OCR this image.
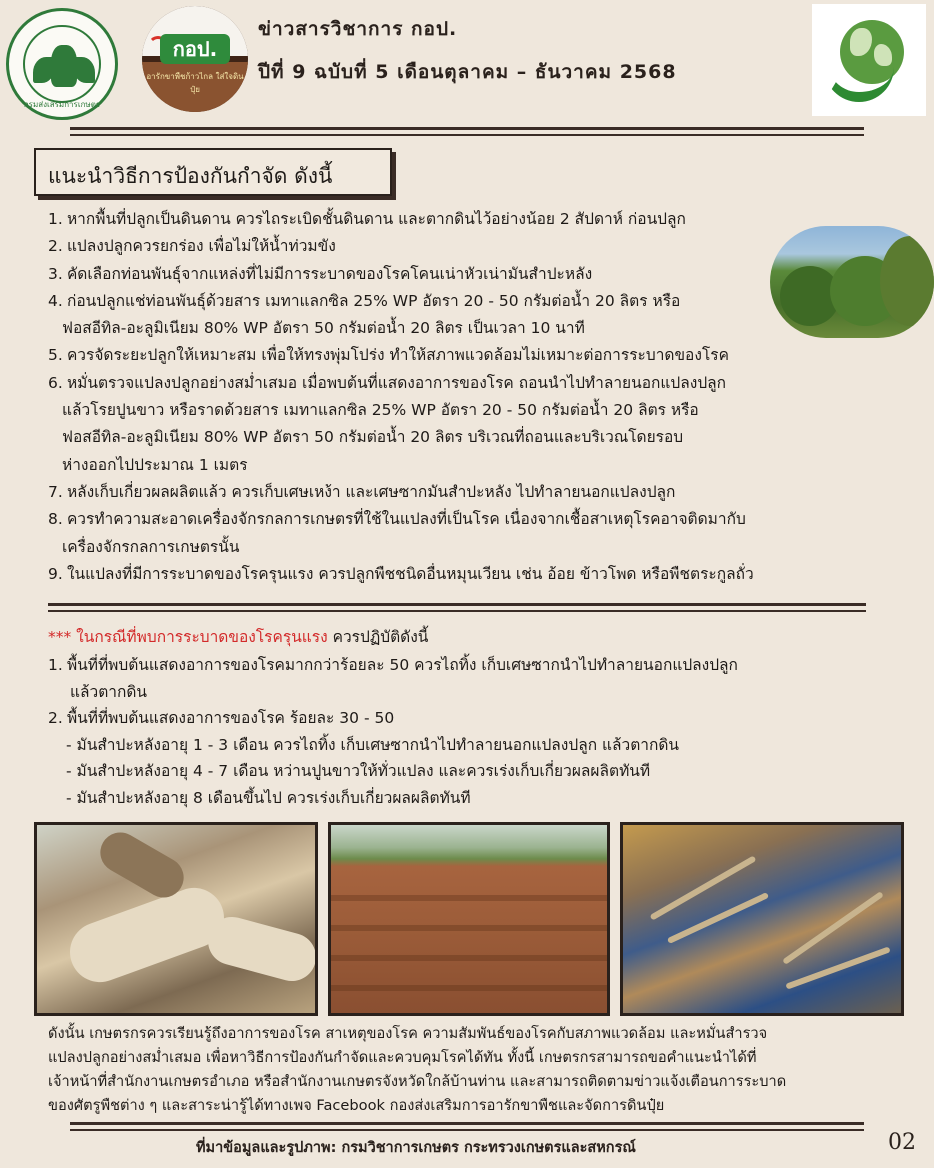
กรมส่งเสริมการเกษตร
กอป.
อารักขาพืชก้าวไกล ใส่ใจดินปุ๋ย
ข่าวสารวิชาการ กอป.
ปีที่ 9 ฉบับที่ 5 เดือนตุลาคม – ธันวาคม 2568
แนะนำวิธีการป้องกันกำจัด ดังนี้
1. หากพื้นที่ปลูกเป็นดินดาน ควรไถระเบิดชั้นดินดาน และตากดินไว้อย่างน้อย 2 สัปดาห์ ก่อนปลูก
2. แปลงปลูกควรยกร่อง เพื่อไม่ให้น้ำท่วมขัง
3. คัดเลือกท่อนพันธุ์จากแหล่งที่ไม่มีการระบาดของโรคโคนเน่าหัวเน่ามันสำปะหลัง
4. ก่อนปลูกแช่ท่อนพันธุ์ด้วยสาร เมทาแลกซิล 25% WP อัตรา 20 - 50 กรัมต่อน้ำ 20 ลิตร หรือ
ฟอสอีทิล-อะลูมิเนียม 80% WP อัตรา 50 กรัมต่อน้ำ 20 ลิตร เป็นเวลา 10 นาที
5. ควรจัดระยะปลูกให้เหมาะสม เพื่อให้ทรงพุ่มโปร่ง ทำให้สภาพแวดล้อมไม่เหมาะต่อการระบาดของโรค
6. หมั่นตรวจแปลงปลูกอย่างสม่ำเสมอ เมื่อพบต้นที่แสดงอาการของโรค ถอนนำไปทำลายนอกแปลงปลูก
แล้วโรยปูนขาว หรือราดด้วยสาร เมทาแลกซิล 25% WP อัตรา 20 - 50 กรัมต่อน้ำ 20 ลิตร หรือ
ฟอสอีทิล-อะลูมิเนียม 80% WP อัตรา 50 กรัมต่อน้ำ 20 ลิตร บริเวณที่ถอนและบริเวณโดยรอบ
ห่างออกไปประมาณ 1 เมตร
7. หลังเก็บเกี่ยวผลผลิตแล้ว ควรเก็บเศษเหง้า และเศษซากมันสำปะหลัง ไปทำลายนอกแปลงปลูก
8. ควรทำความสะอาดเครื่องจักรกลการเกษตรที่ใช้ในแปลงที่เป็นโรค เนื่องจากเชื้อสาเหตุโรคอาจติดมากับ
เครื่องจักรกลการเกษตรนั้น
9. ในแปลงที่มีการระบาดของโรครุนแรง ควรปลูกพืชชนิดอื่นหมุนเวียน เช่น อ้อย ข้าวโพด หรือพืชตระกูลถั่ว
*** ในกรณีที่พบการระบาดของโรครุนแรง ควรปฏิบัติดังนี้
1. พื้นที่ที่พบต้นแสดงอาการของโรคมากกว่าร้อยละ 50 ควรไถทิ้ง เก็บเศษซากนำไปทำลายนอกแปลงปลูก
แล้วตากดิน
2. พื้นที่ที่พบต้นแสดงอาการของโรค ร้อยละ 30 - 50
- มันสำปะหลังอายุ 1 - 3 เดือน ควรไถทิ้ง เก็บเศษซากนำไปทำลายนอกแปลงปลูก แล้วตากดิน
- มันสำปะหลังอายุ 4 - 7 เดือน หว่านปูนขาวให้ทั่วแปลง และควรเร่งเก็บเกี่ยวผลผลิตทันที
- มันสำปะหลังอายุ 8 เดือนขึ้นไป ควรเร่งเก็บเกี่ยวผลผลิตทันที

ดังนั้น เกษตรกรควรเรียนรู้ถึงอาการของโรค สาเหตุของโรค ความสัมพันธ์ของโรคกับสภาพแวดล้อม และหมั่นสำรวจ

แปลงปลูกอย่างสม่ำเสมอ เพื่อหาวิธีการป้องกันกำจัดและควบคุมโรคได้ทัน ทั้งนี้ เกษตรกรสามารถขอคำแนะนำได้ที่

เจ้าหน้าที่สำนักงานเกษตรอำเภอ หรือสำนักงานเกษตรจังหวัดใกล้บ้านท่าน และสามารถติดตามข่าวแจ้งเตือนการระบาด

ของศัตรูพืชต่าง ๆ และสาระน่ารู้ได้ทางเพจ Facebook กองส่งเสริมการอารักขาพืชและจัดการดินปุ๋ย

ที่มาข้อมูลและรูปภาพ: กรมวิชาการเกษตร กระทรวงเกษตรและสหกรณ์	02
